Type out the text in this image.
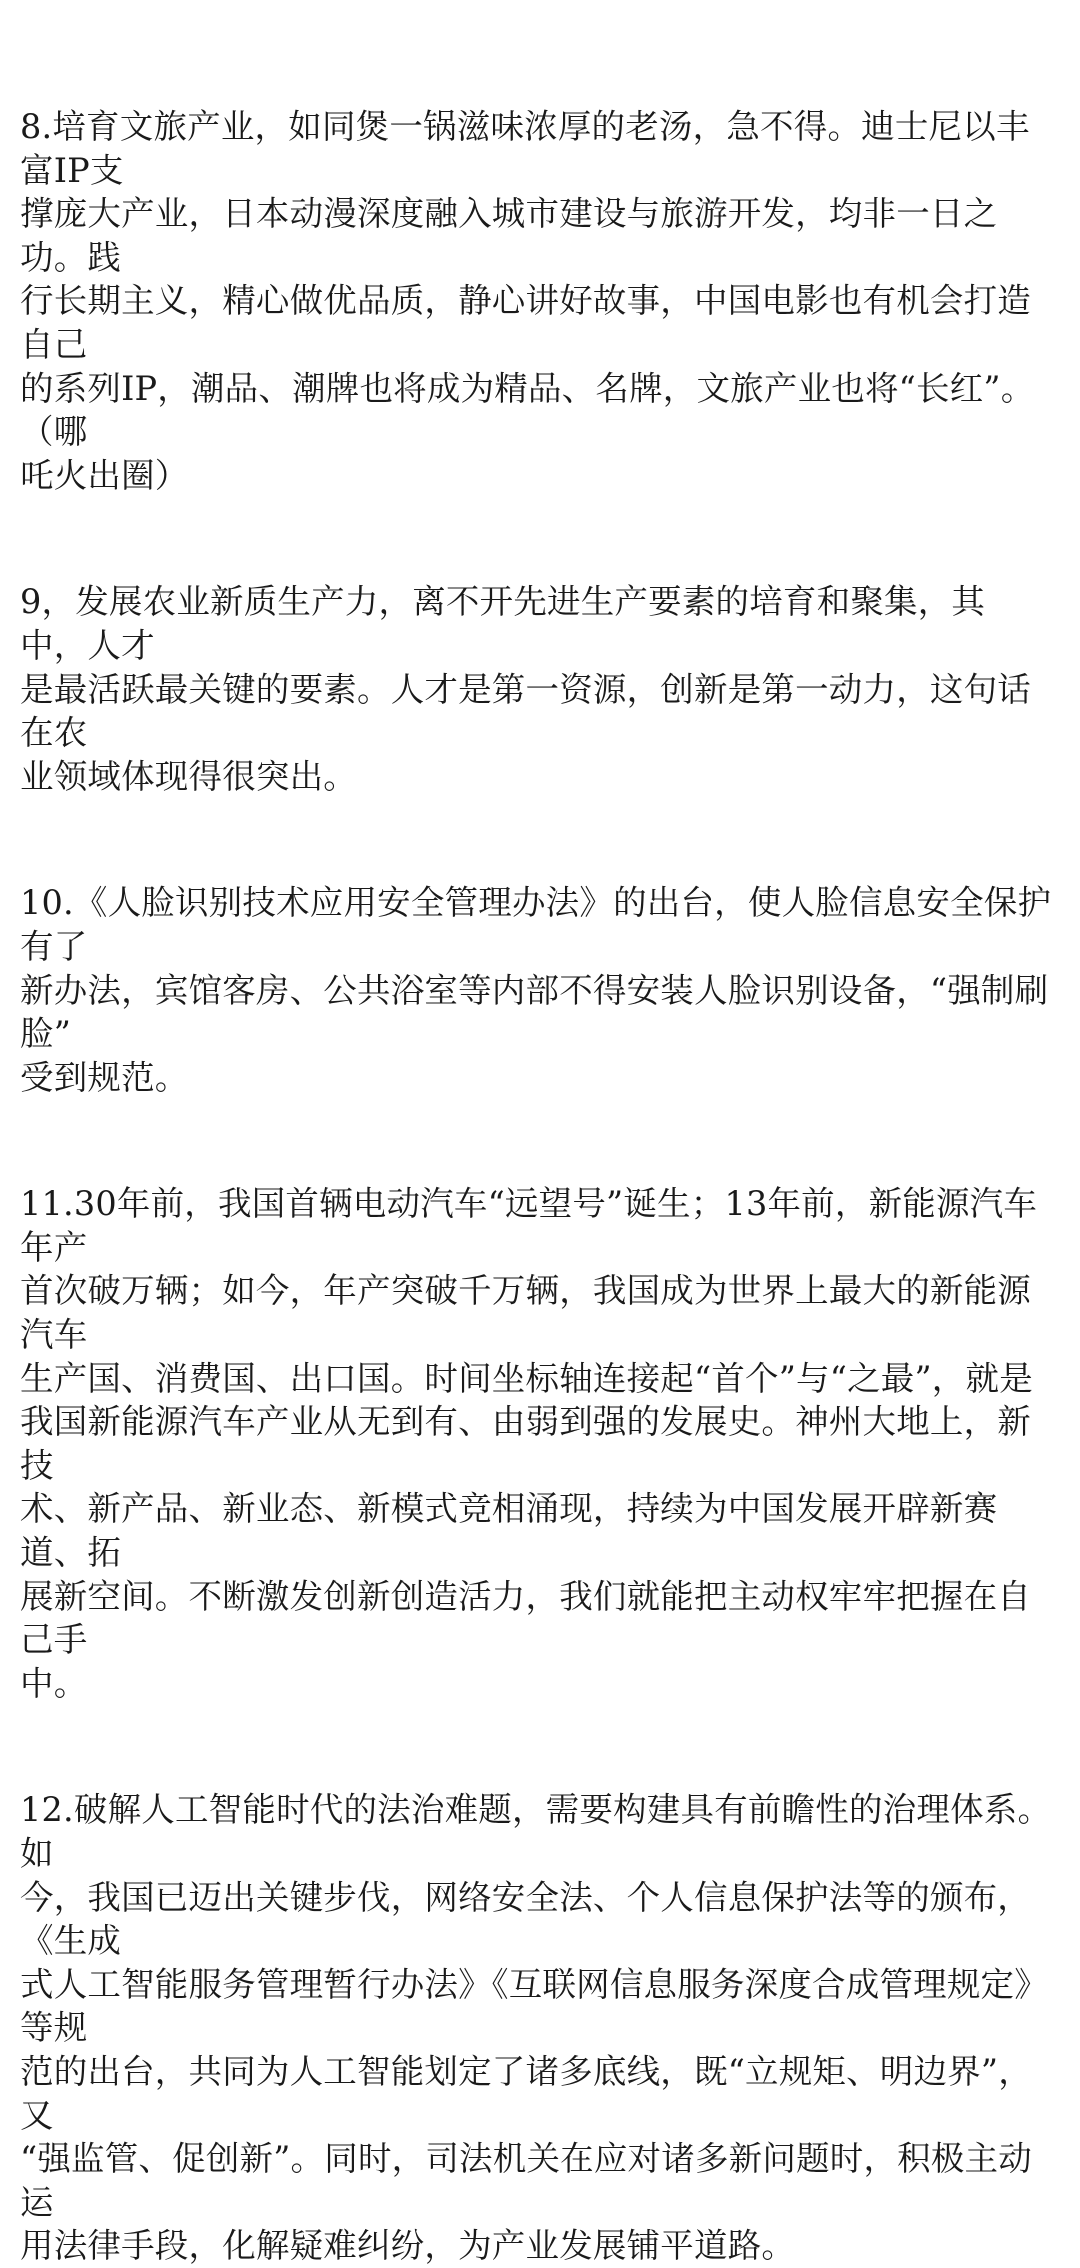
8.培育文旅产业，如同煲一锅滋味浓厚的老汤，急不得。迪士尼以丰富IP支
撑庞大产业，日本动漫深度融入城市建设与旅游开发，均非一日之功。践
行长期主义，精心做优品质，静心讲好故事，中国电影也有机会打造自己
的系列IP，潮品、潮牌也将成为精品、名牌，文旅产业也将“长红”。（哪
吒火出圈）

9，发展农业新质生产力，离不开先进生产要素的培育和聚集，其中，人才
是最活跃最关键的要素。人才是第一资源，创新是第一动力，这句话在农
业领域体现得很突出。

10.《人脸识别技术应用安全管理办法》的出台，使人脸信息安全保护有了
新办法，宾馆客房、公共浴室等内部不得安装人脸识别设备，“强制刷脸”
受到规范。

11.30年前，我国首辆电动汽车“远望号”诞生；13年前，新能源汽车年产
首次破万辆；如今，年产突破千万辆，我国成为世界上最大的新能源汽车
生产国、消费国、出口国。时间坐标轴连接起“首个”与“之最”，就是
我国新能源汽车产业从无到有、由弱到强的发展史。神州大地上，新技
术、新产品、新业态、新模式竞相涌现，持续为中国发展开辟新赛道、拓
展新空间。不断激发创新创造活力，我们就能把主动权牢牢把握在自己手
中。

12.破解人工智能时代的法治难题，需要构建具有前瞻性的治理体系。如
今，我国已迈出关键步伐，网络安全法、个人信息保护法等的颁布，《生成
式人工智能服务管理暂行办法》《互联网信息服务深度合成管理规定》等规
范的出台，共同为人工智能划定了诸多底线，既“立规矩、明边界”，又
“强监管、促创新”。同时，司法机关在应对诸多新问题时，积极主动运
用法律手段，化解疑难纠纷，为产业发展铺平道路。
